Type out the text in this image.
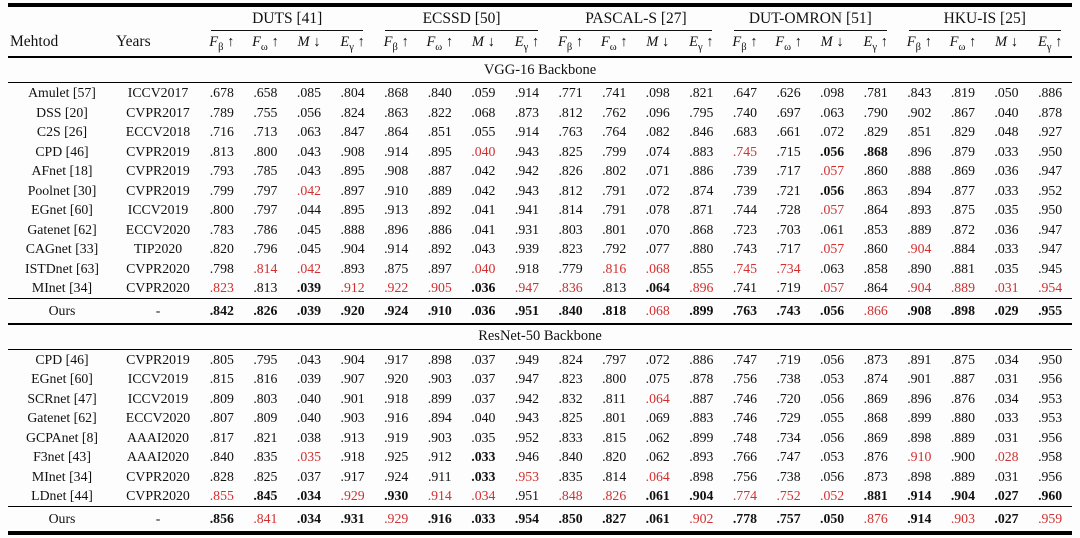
Mehtod	Years	DUTS [41]				ECSSD [50]				PASCAL-S [27]				DUT-OMRON [51]				HKU-IS [25]			

		$F_\beta$ ↑	$F_\omega$ ↑	M ↓	$E_\gamma$ ↑	$F_\beta$ ↑	$F_\omega$ ↑	M ↓	$E_\gamma$ ↑	$F_\beta$ ↑	$F_\omega$ ↑	M ↓	$E_\gamma$ ↑	$F_\beta$ ↑	$F_\omega$ ↑	M ↓	$E_\gamma$ ↑	$F_\beta$ ↑	$F_\omega$ ↑	M ↓	$E_\gamma$ ↑
VGG-16 Backbone																					
Amulet [57]	ICCV2017	.678	.658	.085	.804	.868	.840	.059	.914	.771	.741	.098	.821	.647	.626	.098	.781	.843	.819	.050	.886
DSS [20]	CVPR2017	.789	.755	.056	.824	.863	.822	.068	.873	.812	.762	.096	.795	.740	.697	.063	.790	.902	.867	.040	.878
C2S [26]	ECCV2018	.716	.713	.063	.847	.864	.851	.055	.914	.763	.764	.082	.846	.683	.661	.072	.829	.851	.829	.048	.927
CPD [46]	CVPR2019	.813	.800	.043	.908	.914	.895	.040	.943	.825	.799	.074	.883	.745	.715	.056	.868	.896	.879	.033	.950
AFnet [18]	CVPR2019	.793	.785	.043	.895	.908	.887	.042	.942	.826	.802	.071	.886	.739	.717	.057	.860	.888	.869	.036	.947
Poolnet [30]	CVPR2019	.799	.797	.042	.897	.910	.889	.042	.943	.812	.791	.072	.874	.739	.721	.056	.863	.894	.877	.033	.952
EGnet [60]	ICCV2019	.800	.797	.044	.895	.913	.892	.041	.941	.814	.791	.078	.871	.744	.728	.057	.864	.893	.875	.035	.950
Gatenet [62]	ECCV2020	.783	.786	.045	.888	.896	.886	.041	.931	.803	.801	.070	.868	.723	.703	.061	.853	.889	.872	.036	.947
CAGnet [33]	TIP2020	.820	.796	.045	.904	.914	.892	.043	.939	.823	.792	.077	.880	.743	.717	.057	.860	.904	.884	.033	.947
ISTDnet [63]	CVPR2020	.798	.814	.042	.893	.875	.897	.040	.918	.779	.816	.068	.855	.745	.734	.063	.858	.890	.881	.035	.945
MInet [34]	CVPR2020	.823	.813	.039	.912	.922	.905	.036	.947	.836	.813	.064	.896	.741	.719	.057	.864	.904	.889	.031	.954
Ours	-	.842	.826	.039	.920	.924	.910	.036	.951	.840	.818	.068	.899	.763	.743	.056	.866	.908	.898	.029	.955
ResNet-50 Backbone																					
CPD [46]	CVPR2019	.805	.795	.043	.904	.917	.898	.037	.949	.824	.797	.072	.886	.747	.719	.056	.873	.891	.875	.034	.950
EGnet [60]	ICCV2019	.815	.816	.039	.907	.920	.903	.037	.947	.823	.800	.075	.878	.756	.738	.053	.874	.901	.887	.031	.956
SCRnet [47]	ICCV2019	.809	.803	.040	.901	.918	.899	.037	.942	.832	.811	.064	.887	.746	.720	.056	.869	.896	.876	.034	.953
Gatenet [62]	ECCV2020	.807	.809	.040	.903	.916	.894	.040	.943	.825	.801	.069	.883	.746	.729	.055	.868	.899	.880	.033	.953
GCPAnet [8]	AAAI2020	.817	.821	.038	.913	.919	.903	.035	.952	.833	.815	.062	.899	.748	.734	.056	.869	.898	.889	.031	.956
F3net [43]	AAAI2020	.840	.835	.035	.918	.925	.912	.033	.946	.840	.820	.062	.893	.766	.747	.053	.876	.910	.900	.028	.958
MInet [34]	CVPR2020	.828	.825	.037	.917	.924	.911	.033	.953	.835	.814	.064	.898	.756	.738	.056	.873	.898	.889	.031	.956
LDnet [44]	CVPR2020	.855	.845	.034	.929	.930	.914	.034	.951	.848	.826	.061	.904	.774	.752	.052	.881	.914	.904	.027	.960
Ours	-	.856	.841	.034	.931	.929	.916	.033	.954	.850	.827	.061	.902	.778	.757	.050	.876	.914	.903	.027	.959
